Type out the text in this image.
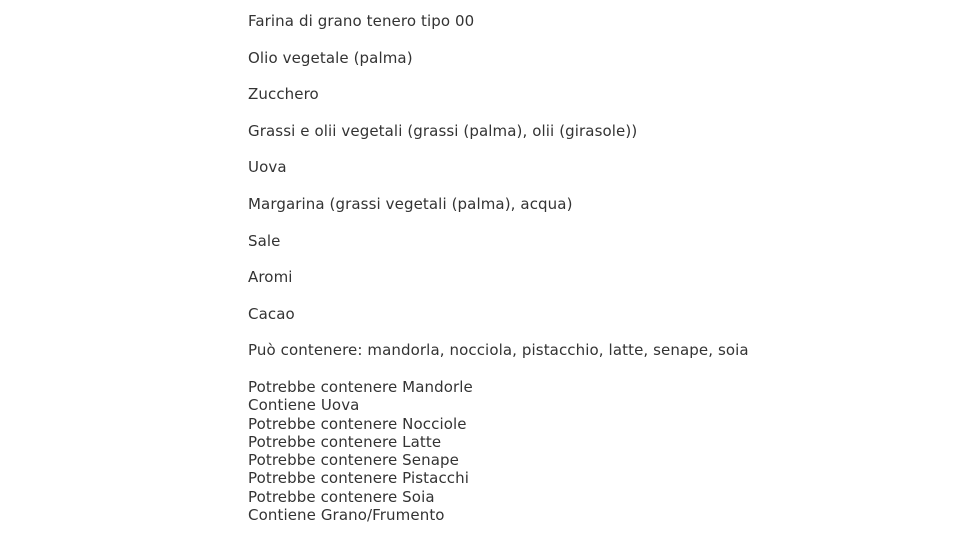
Farina di grano tenero tipo 00
Olio vegetale (palma)
Zucchero
Grassi e olii vegetali (grassi (palma), olii (girasole))
Uova
Margarina (grassi vegetali (palma), acqua)
Sale
Aromi
Cacao
Può contenere: mandorla, nocciola, pistacchio, latte, senape, soia
Potrebbe contenere Mandorle
Contiene Uova
Potrebbe contenere Nocciole
Potrebbe contenere Latte
Potrebbe contenere Senape
Potrebbe contenere Pistacchi
Potrebbe contenere Soia
Contiene Grano/Frumento
